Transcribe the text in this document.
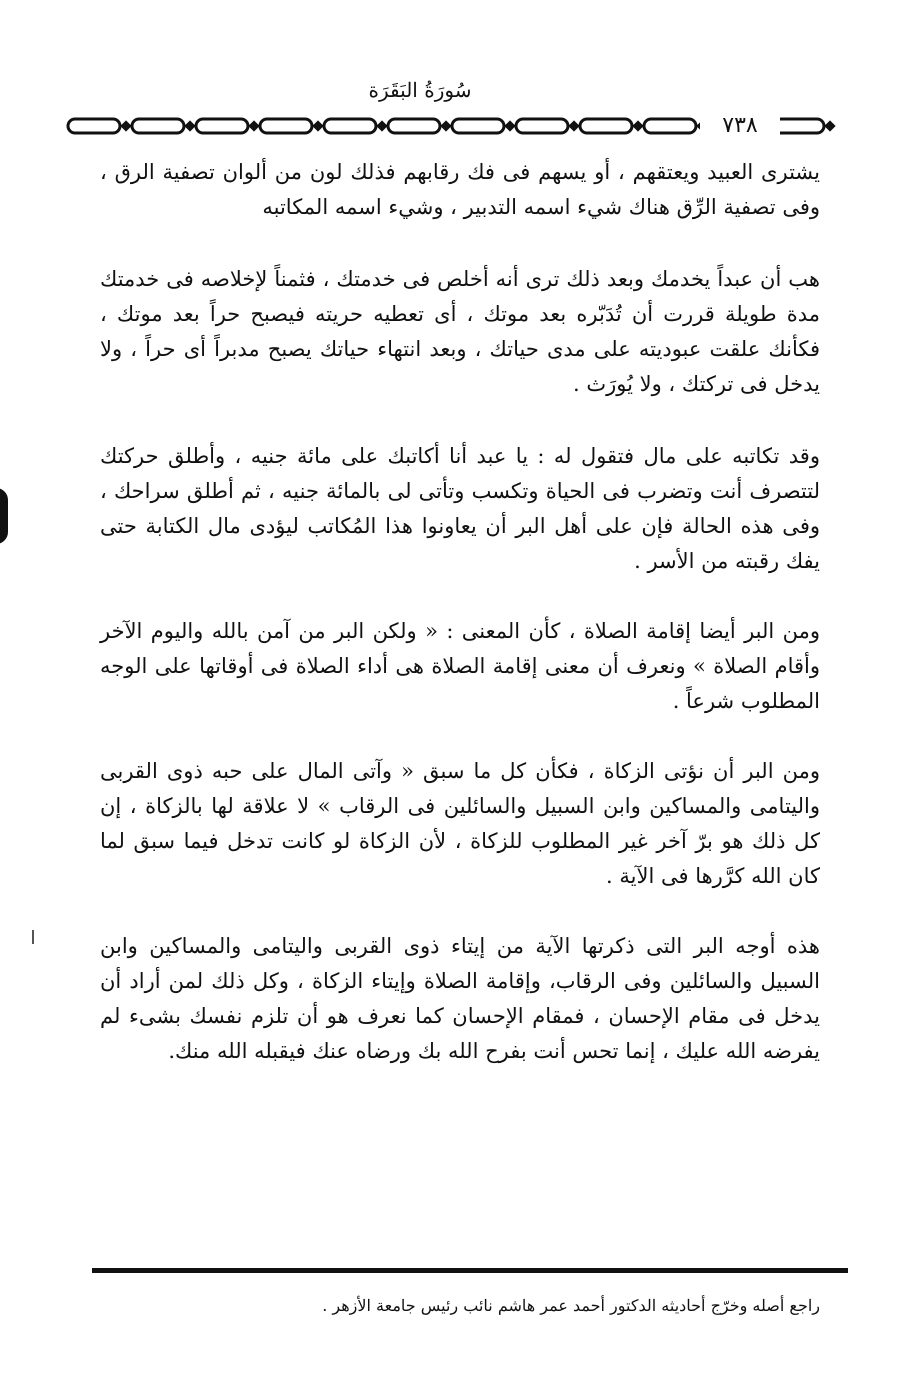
سُورَةُ البَقَرَة
٧٣٨

يشترى العبيد ويعتقهم ، أو يسهم فى فك رقابهم فذلك لون من ألوان تصفية الرق ، وفى تصفية الرِّق هناك شيء اسمه التدبير ، وشيء اسمه المكاتبه

هب أن عبداً يخدمك وبعد ذلك ترى أنه أخلص فى خدمتك ، فثمناً لإخلاصه فى خدمتك مدة طويلة قررت أن تُدَبّره بعد موتك ، أى تعطيه حريته فيصبح حراً بعد موتك ، فكأنك علقت عبوديته على مدى حياتك ، وبعد انتهاء حياتك يصبح مدبراً أى حراً ، ولا يدخل فى تركتك ، ولا يُورَث .

وقد تكاتبه على مال فتقول له : يا عبد أنا أكاتبك على مائة جنيه ، وأطلق حركتك لتتصرف أنت وتضرب فى الحياة وتكسب وتأتى لى بالمائة جنيه ، ثم أطلق سراحك ، وفى هذه الحالة فإن على أهل البر أن يعاونوا هذا المُكاتب ليؤدى مال الكتابة حتى يفك رقبته من الأسر .

ومن البر أيضا إقامة الصلاة ، كأن المعنى : « ولكن البر من آمن بالله واليوم الآخر وأقام الصلاة » ونعرف أن معنى إقامة الصلاة هى أداء الصلاة فى أوقاتها على الوجه المطلوب شرعاً .

ومن البر أن نؤتى الزكاة ، فكأن كل ما سبق « وآتى المال على حبه ذوى القربى واليتامى والمساكين وابن السبيل والسائلين فى الرقاب » لا علاقة لها بالزكاة ، إن كل ذلك هو برّ آخر غير المطلوب للزكاة ، لأن الزكاة لو كانت تدخل فيما سبق لما كان الله كرَّرها فى الآية .

هذه أوجه البر التى ذكرتها الآية من إيتاء ذوى القربى واليتامى والمساكين وابن السبيل والسائلين وفى الرقاب، وإقامة الصلاة وإيتاء الزكاة ، وكل ذلك لمن أراد أن يدخل فى مقام الإحسان ، فمقام الإحسان كما نعرف هو أن تلزم نفسك بشىء لم يفرضه الله عليك ، إنما تحس أنت بفرح الله بك ورضاه عنك فيقبله الله منك.

راجع أصله وخرّج أحاديثه الدكتور أحمد عمر هاشم نائب رئيس جامعة الأزهر .
